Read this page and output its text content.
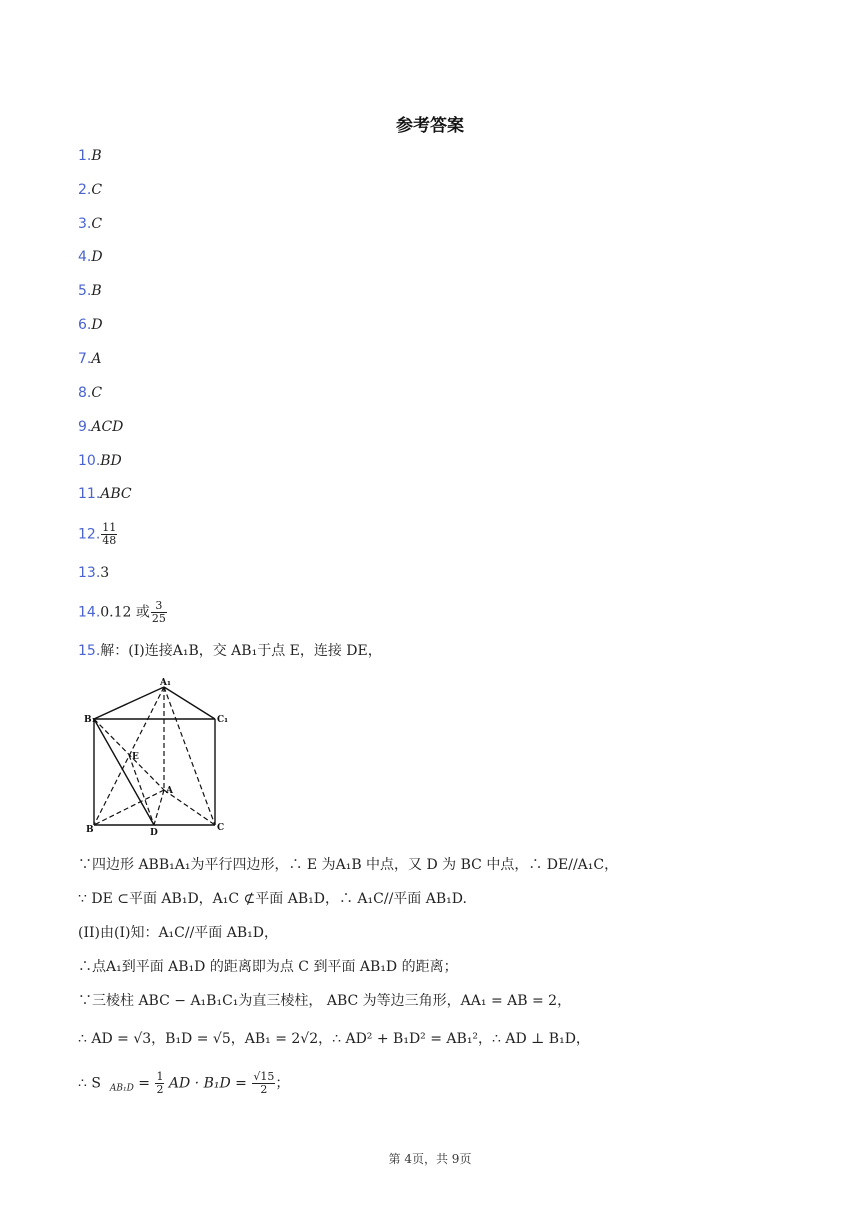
参考答案
1.B
2.C
3.C
4.D
5.B
6.D
7.A
8.C
9.ACD
10.BD
11.ABC
12. $\frac{11}{48}$
13.3
14.0.12 或 $\frac{3}{25}$
15.解：(I)连接A₁B，交 AB₁于点 E，连接 DE，
A₁
B₁	C₁
E
A
B	D	C
∵四边形 ABB₁A₁为平行四边形，∴ E 为A₁B 中点，又 D 为 BC 中点，∴ DE//A₁C，
∵ DE ⊂平面 AB₁D，A₁C ⊄平面 AB₁D，∴ A₁C//平面 AB₁D.
(II)由(I)知：A₁C//平面 AB₁D，
∴点A₁到平面 AB₁D 的距离即为点 C 到平面 AB₁D 的距离；
∵三棱柱 ABC − A₁B₁C₁为直三棱柱， ABC 为等边三角形，AA₁ = AB = 2，
∴ AD = √3，B₁D = √5，AB₁ = 2√2，∴ AD² + B₁D² = AB₁²，∴ AD ⊥ B₁D，
∴ S $_{AB_1D} = \frac{1}{2}$ AD · $B_1D = \frac{√15}{2}$ ；
第 4页，共 9页
